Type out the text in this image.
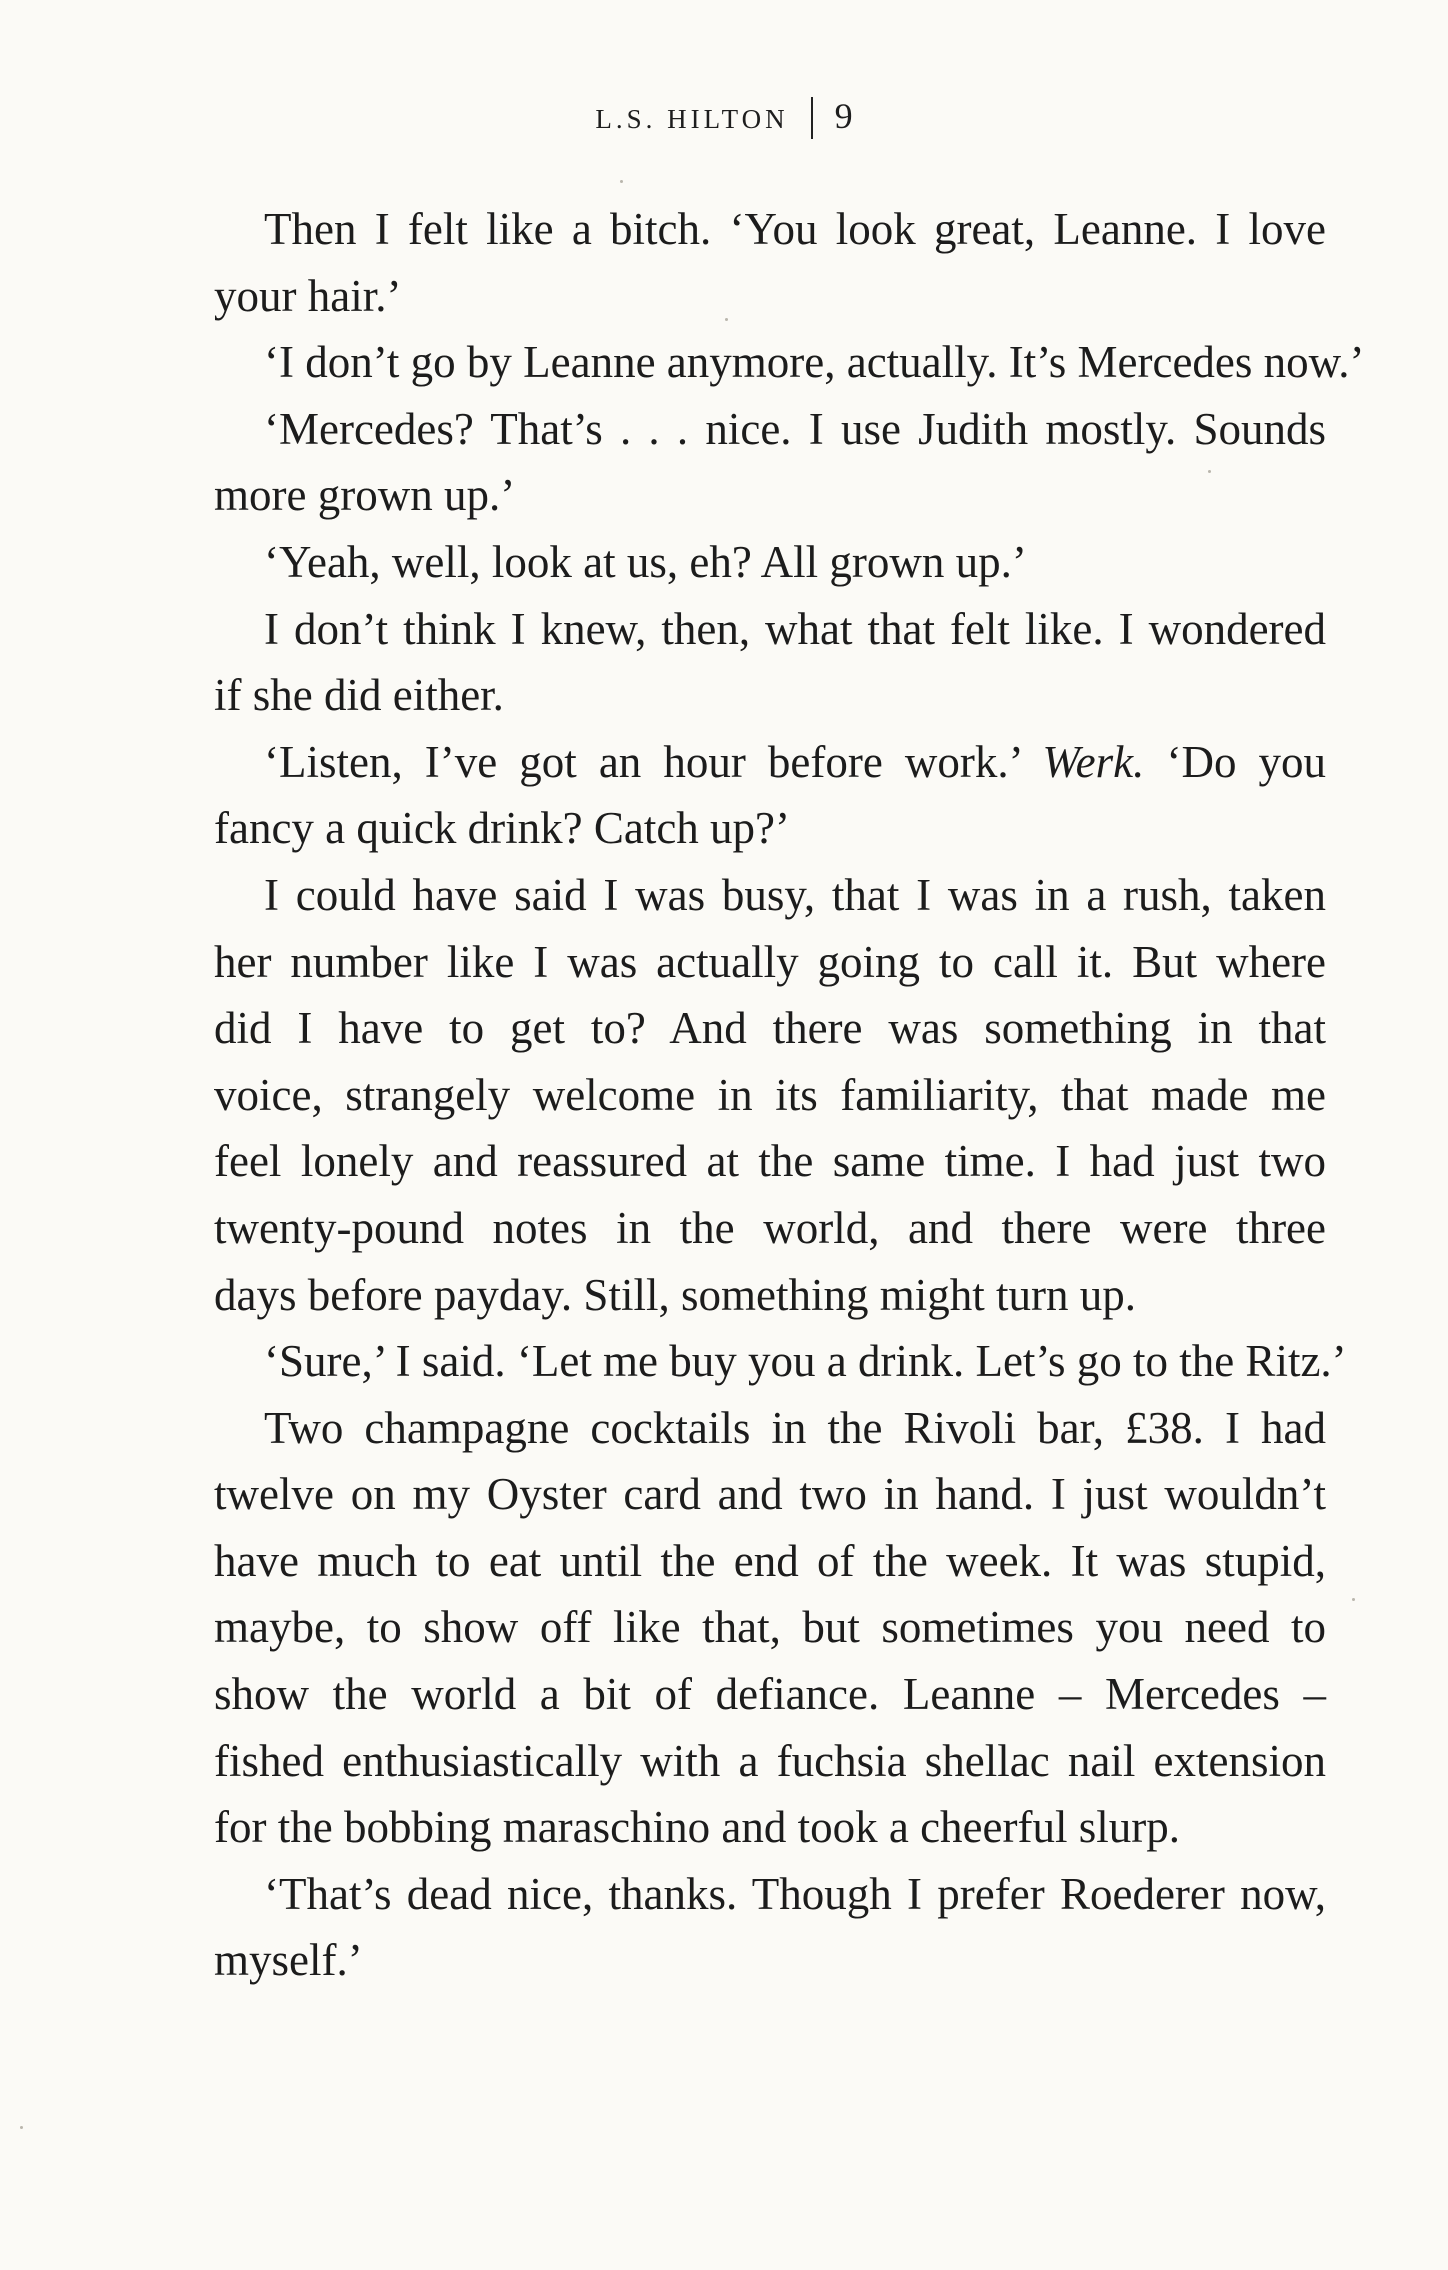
L.S. HILTON 9

Then I felt like a bitch. ‘You look great, Leanne. I love
your hair.’

‘I don’t go by Leanne anymore, actually. It’s Mercedes now.’

‘Mercedes? That’s . . . nice. I use Judith mostly. Sounds
more grown up.’

‘Yeah, well, look at us, eh? All grown up.’

I don’t think I knew, then, what that felt like. I wondered
if she did either.

‘Listen, I’ve got an hour before work.’ Werk. ‘Do you
fancy a quick drink? Catch up?’

I could have said I was busy, that I was in a rush, taken
her number like I was actually going to call it. But where
did I have to get to? And there was something in that
voice, strangely welcome in its familiarity, that made me
feel lonely and reassured at the same time. I had just two
twenty-pound notes in the world, and there were three
days before payday. Still, something might turn up.

‘Sure,’ I said. ‘Let me buy you a drink. Let’s go to the Ritz.’

Two champagne cocktails in the Rivoli bar, £38. I had
twelve on my Oyster card and two in hand. I just wouldn’t
have much to eat until the end of the week. It was stupid,
maybe, to show off like that, but sometimes you need to
show the world a bit of defiance. Leanne – Mercedes –
fished enthusiastically with a fuchsia shellac nail extension
for the bobbing maraschino and took a cheerful slurp.

‘That’s dead nice, thanks. Though I prefer Roederer now,
myself.’
